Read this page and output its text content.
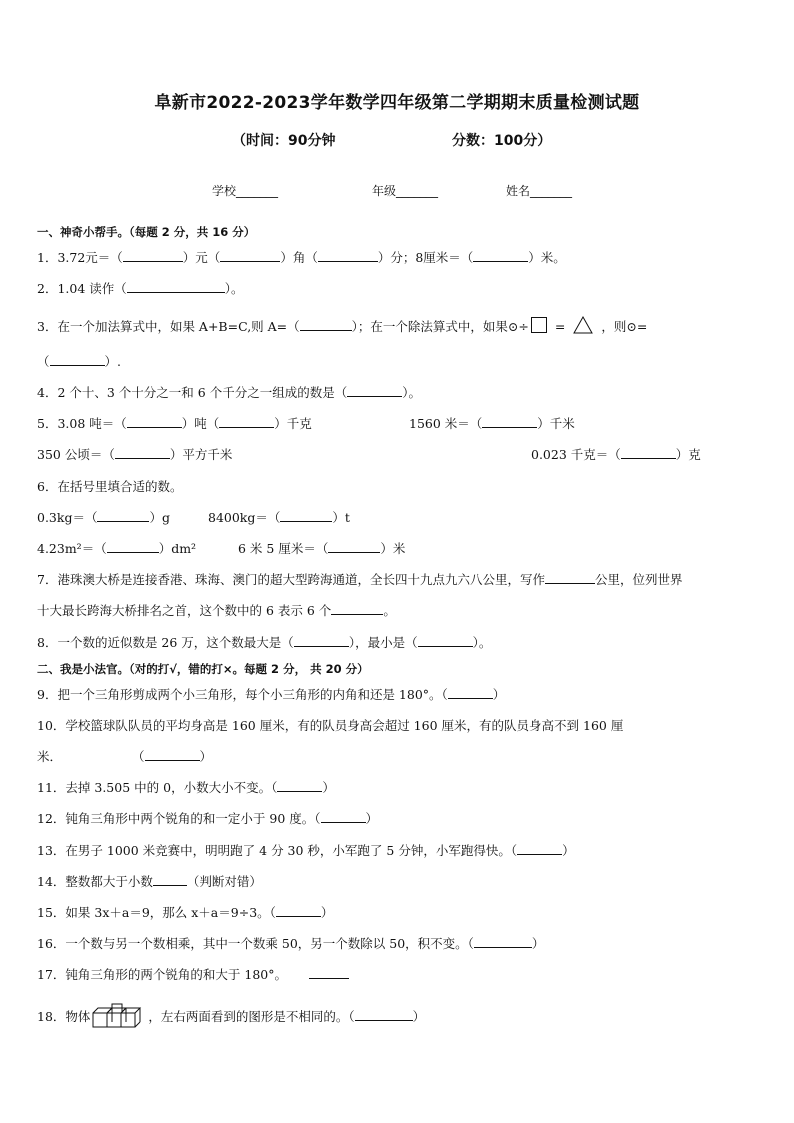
阜新市2022-2023学年数学四年级第二学期期末质量检测试题
（时间：90分钟	分数：100分）
学校_______	年级_______	姓名_______
一、神奇小帮手。（每题 2 分，共 16 分）
1．3.72元＝（	）元（	）角（	）分；8厘米＝（	）米。
2．1.04 读作（	）。
3．在一个加法算式中，如果 A+B=C,则 A=（	）；在一个除法算式中，如果⊙÷ =	，则⊙=
（	）.
4．2 个十、3 个十分之一和 6 个千分之一组成的数是（	）。
5．3.08 吨＝（	）吨（	）千克	1560 米＝（	）千米
350 公顷＝（	）平方千米	0.023 千克＝（	）克
6．在括号里填合适的数。
0.3kg＝（	）g	8400kg＝（	）t
4.23m²＝（	）dm²	6 米 5 厘米＝（	）米
7．港珠澳大桥是连接香港、珠海、澳门的超大型跨海通道，全长四十九点九六八公里，写作	公里，位列世界
十大最长跨海大桥排名之首，这个数中的 6 表示 6 个	。
8．一个数的近似数是 26 万，这个数最大是（	），最小是（	）。
二、我是小法官。（对的打√，错的打×。每题 2 分， 共 20 分）
9．把一个三角形剪成两个小三角形，每个小三角形的内角和还是 180°。（	）
10．学校篮球队队员的平均身高是 160 厘米，有的队员身高会超过 160 厘米，有的队员身高不到 160 厘
米．	（	）
11．去掉 3.505 中的 0，小数大小不变。（	）
12．钝角三角形中两个锐角的和一定小于 90 度。（	）
13．在男子 1000 米竞赛中，明明跑了 4 分 30 秒，小军跑了 5 分钟，小军跑得快。（	）
14．整数都大于小数	（判断对错）
15．如果 3x＋a＝9，那么 x＋a＝9÷3。（	）
16．一个数与另一个数相乘，其中一个数乘 50，另一个数除以 50，积不变。（	）
17．钝角三角形的两个锐角的和大于 180°。
18．物体	，左右两面看到的图形是不相同的。（	）
